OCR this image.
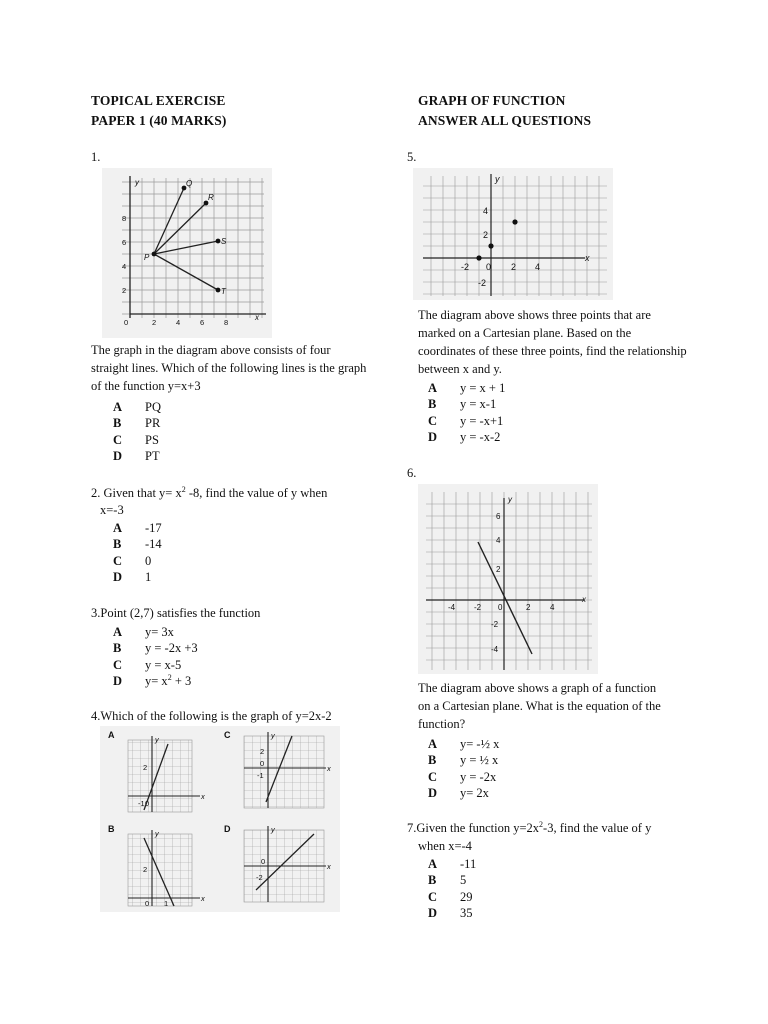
TOPICAL EXERCISE
PAPER 1 (40 MARKS)
GRAPH OF FUNCTION
ANSWER ALL QUESTIONS
1.
P
Q
R
S
T
y
x
0	2	4	6	8
2
4
6
8
The graph in the diagram above consists of four straight lines. Which of the following lines is the graph of the function y=x+3
A	PQ
B	PR
C	PS
D	PT
2. Given that $y= x^2$ -8, find the value of y when
x=-3
A	-17
B	-14
C	0
D	1
3.Point (2,7) satisfies the function
A	y= 3x
B	y = -2x +3
C	y = x-5
D	$y= x^2 + 3$
4.Which of the following is the graph of y=2x-2
A	C
B	D
y
2
0
-1
x
y
2
0
-1
x
y
2
0 1
x
y
0
-2
x
5.
y
x
-2 0 2 4
4
2
-2
The diagram above shows three points that are marked on a Cartesian plane. Based on the coordinates of these three points, find the relationship between x and y.
A	y = x + 1
B	y = x-1
C	y = -x+1
D	y = -x-2
6.
y
x
-4 -2 0	2 4
6
4
2
-2
-4
The diagram above shows a graph of a function on a Cartesian plane. What is the equation of the function?
A	y= -½ x
B	y = ½ x
C	y = -2x
D	y= 2x
7.Given the function $y=2x^2-3$, find the value of y
when x=-4
A	-11
B	5
C	29
D	35
